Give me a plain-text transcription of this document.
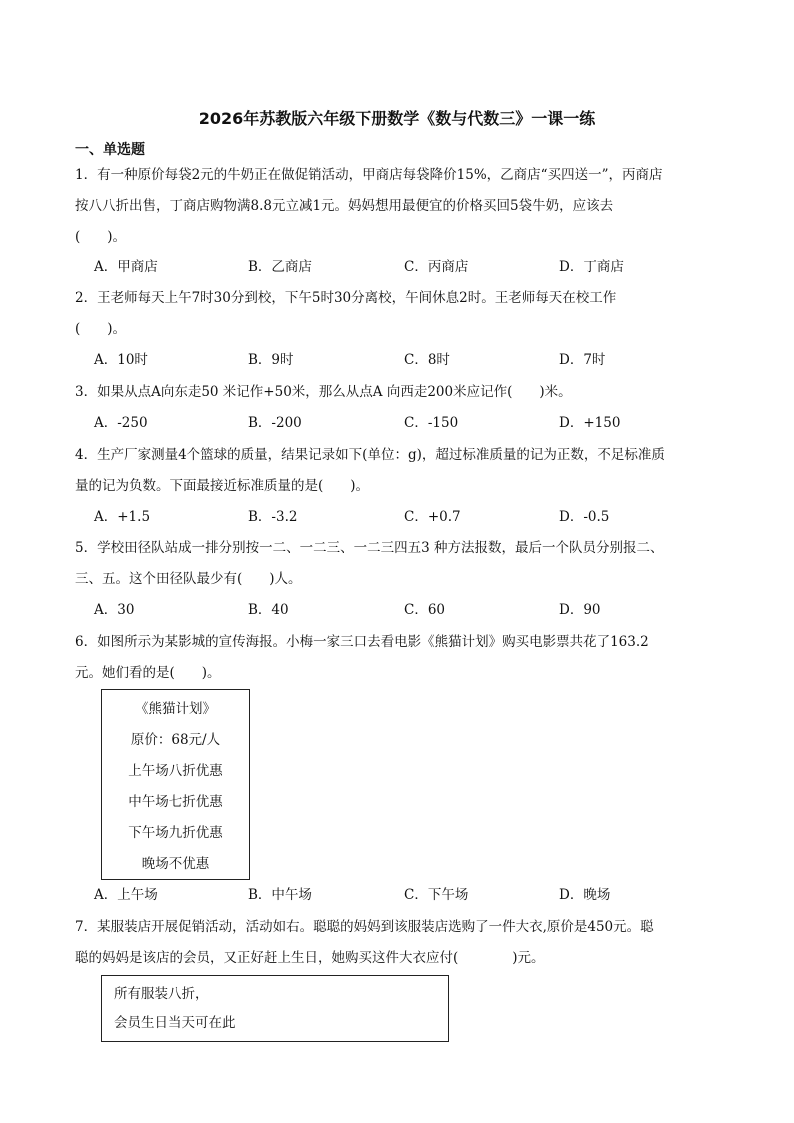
2026年苏教版六年级下册数学《数与代数三》一课一练
一、单选题
1．有一种原价每袋2元的牛奶正在做促销活动，甲商店每袋降价15%，乙商店“买四送一”，丙商店
按八八折出售，丁商店购物满8.8元立减1元。妈妈想用最便宜的价格买回5袋牛奶，应该去
(　　)。
A．甲商店	B．乙商店	C．丙商店	D．丁商店
2．王老师每天上午7时30分到校，下午5时30分离校，午间休息2时。王老师每天在校工作
(　　)。
A．10时	B．9时	C．8时	D．7时
3．如果从点A向东走50 米记作+50米，那么从点A 向西走200米应记作(　　)米。
A．-250	B．-200	C．-150	D．+150
4．生产厂家测量4个篮球的质量，结果记录如下(单位：g)，超过标准质量的记为正数，不足标准质
量的记为负数。下面最接近标准质量的是(　　)。
A．+1.5	B．-3.2	C．+0.7	D．-0.5
5．学校田径队站成一排分别按一二、一二三、一二三四五3 种方法报数，最后一个队员分别报二、
三、五。这个田径队最少有(　　)人。
A．30	B．40	C．60	D．90
6．如图所示为某影城的宣传海报。小梅一家三口去看电影《熊猫计划》购买电影票共花了163.2
元。她们看的是(　　)。
《熊猫计划》
原价：68元/人
上午场八折优惠
中午场七折优惠
下午场九折优惠
晚场不优惠
A．上午场	B．中午场	C．下午场	D．晚场
7．某服装店开展促销活动，活动如右。聪聪的妈妈到该服装店选购了一件大衣,原价是450元。聪
聪的妈妈是该店的会员，又正好赶上生日，她购买这件大衣应付(　　　　)元。
所有服装八折，
会员生日当天可在此
